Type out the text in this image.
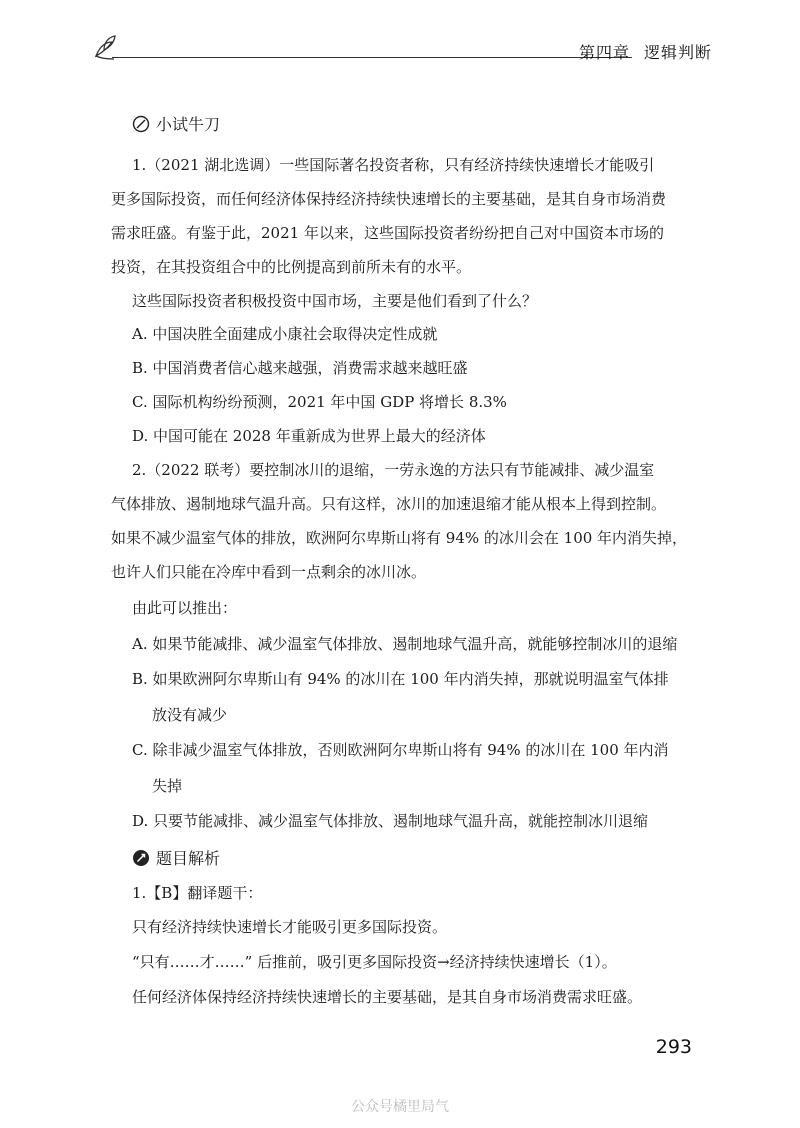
第四章 逻辑判断
小试牛刀
1.（2021 湖北选调）一些国际著名投资者称，只有经济持续快速增长才能吸引
更多国际投资，而任何经济体保持经济持续快速增长的主要基础，是其自身市场消费
需求旺盛。有鉴于此，2021 年以来，这些国际投资者纷纷把自己对中国资本市场的
投资，在其投资组合中的比例提高到前所未有的水平。
这些国际投资者积极投资中国市场，主要是他们看到了什么？
A. 中国决胜全面建成小康社会取得决定性成就
B. 中国消费者信心越来越强，消费需求越来越旺盛
C. 国际机构纷纷预测，2021 年中国 GDP 将增长 8.3%
D. 中国可能在 2028 年重新成为世界上最大的经济体
2.（2022 联考）要控制冰川的退缩，一劳永逸的方法只有节能减排、减少温室
气体排放、遏制地球气温升高。只有这样，冰川的加速退缩才能从根本上得到控制。
如果不减少温室气体的排放，欧洲阿尔卑斯山将有 94% 的冰川会在 100 年内消失掉，
也许人们只能在冷库中看到一点剩余的冰川冰。
由此可以推出：
A. 如果节能减排、减少温室气体排放、遏制地球气温升高，就能够控制冰川的退缩
B. 如果欧洲阿尔卑斯山有 94% 的冰川在 100 年内消失掉，那就说明温室气体排
放没有减少
C. 除非减少温室气体排放，否则欧洲阿尔卑斯山将有 94% 的冰川在 100 年内消
失掉
D. 只要节能减排、减少温室气体排放、遏制地球气温升高，就能控制冰川退缩
题目解析
1.【B】翻译题干：
只有经济持续快速增长才能吸引更多国际投资。
“只有……才……” 后推前，吸引更多国际投资→经济持续快速增长（1）。
任何经济体保持经济持续快速增长的主要基础，是其自身市场消费需求旺盛。
293
公众号橘里局气
